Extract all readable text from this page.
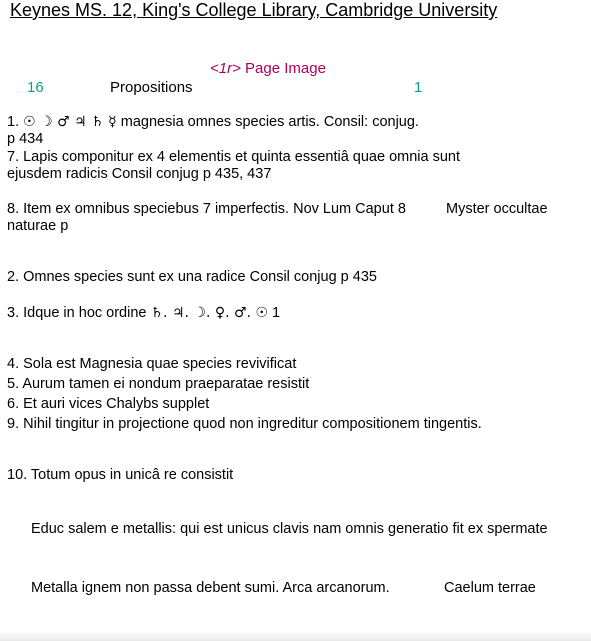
Keynes MS. 12, King's College Library, Cambridge University
<1r> Page Image
16	Propositions	1
1. ☉ ☽ ♂ ♃ ♄ ☿ magnesia omnes species artis. Consil: conjug.
p 434
7. Lapis componitur ex 4 elementis et quinta essentiâ quae omnia sunt
ejusdem radicis Consil conjug p 435, 437
8. Item ex omnibus speciebus 7 imperfectis. Nov Lum Caput 8	Myster occultae
naturae p
2. Omnes species sunt ex una radice Consil conjug p 435
3. Idque in hoc ordine ♄. ♃. ☽. ♀. ♂. ☉ 1
4. Sola est Magnesia quae species revivificat
5. Aurum tamen ei nondum praeparatae resistit
6. Et auri vices Chalybs supplet
9. Nihil tingitur in projectione quod non ingreditur compositionem tingentis.
10. Totum opus in unicâ re consistit
Educ salem e metallis: qui est unicus clavis nam omnis generatio fit ex spermate
Metalla ignem non passa debent sumi. Arca arcanorum.	Caelum terrae
